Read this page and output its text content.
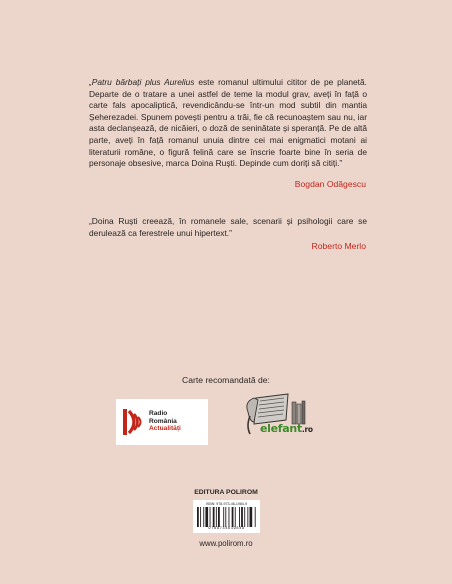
„Patru bărbați plus Aurelius este romanul ultimului cititor de pe planetă. Departe de o tratare a unei astfel de teme la modul grav, aveți în față o carte fals apocaliptică, revendicându-se într-un mod subtil din mantia Șeherezadei. Spunem povești pentru a trăi, fie că recunoaștem sau nu, iar asta declanșează, de nicăieri, o doză de seninătate și speranță. Pe de altă parte, aveți în față romanul unuia dintre cei mai enigmatici motani ai literaturii române, o figură felină care se înscrie foarte bine în seria de personaje obsesive, marca Doina Ruști. Depinde cum doriți să citiți.”
Bogdan Odăgescu
„Doina Ruști creează, în romanele sale, scenarii și psihologii care se derulează ca ferestrele unui hipertext.”
Roberto Merlo
Carte recomandată de:
Radio
România
Actualități	elefant.ro
EDITURA POLIROM
ISBN: 978-973-46-1984-9
9789734619849
www.polirom.ro
